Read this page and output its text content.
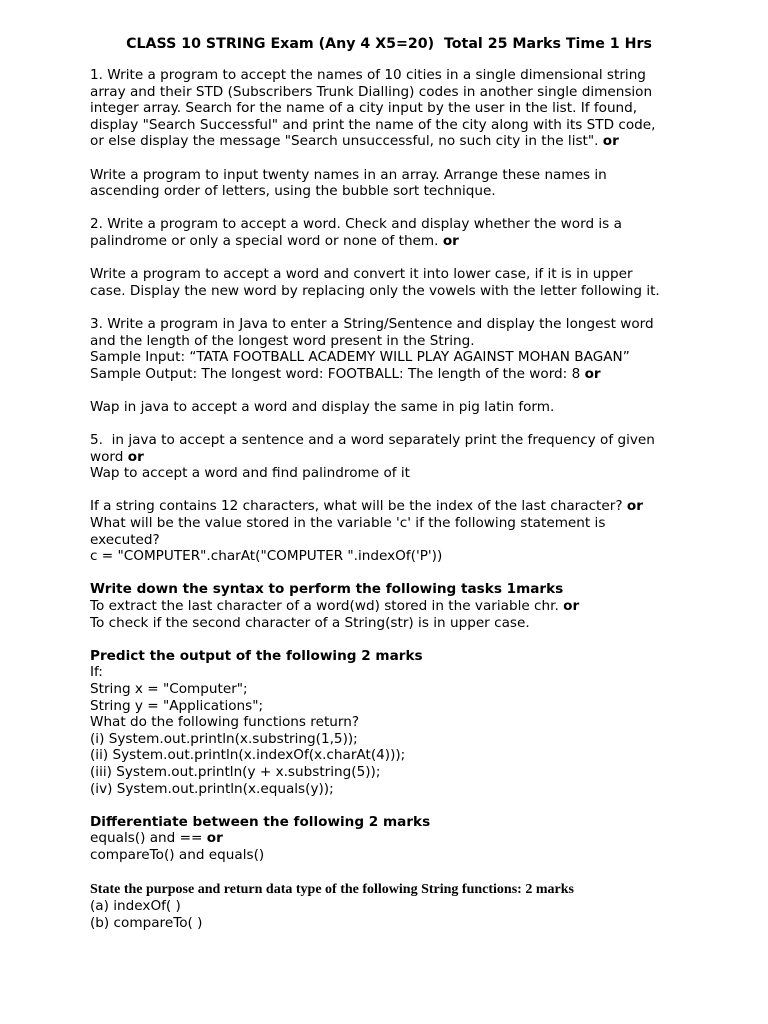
CLASS 10 STRING Exam (Any 4 X5=20)  Total 25 Marks Time 1 Hrs

1. Write a program to accept the names of 10 cities in a single dimensional string
array and their STD (Subscribers Trunk Dialling) codes in another single dimension
integer array. Search for the name of a city input by the user in the list. If found,
display "Search Successful" and print the name of the city along with its STD code,
or else display the message "Search unsuccessful, no such city in the list". or

Write a program to input twenty names in an array. Arrange these names in
ascending order of letters, using the bubble sort technique.

2. Write a program to accept a word. Check and display whether the word is a
palindrome or only a special word or none of them. or

Write a program to accept a word and convert it into lower case, if it is in upper
case. Display the new word by replacing only the vowels with the letter following it.

3. Write a program in Java to enter a String/Sentence and display the longest word
and the length of the longest word present in the String.
Sample Input: “TATA FOOTBALL ACADEMY WILL PLAY AGAINST MOHAN BAGAN”
Sample Output: The longest word: FOOTBALL: The length of the word: 8 or

Wap in java to accept a word and display the same in pig latin form.

5.  in java to accept a sentence and a word separately print the frequency of given
word or
Wap to accept a word and find palindrome of it

If a string contains 12 characters, what will be the index of the last character? or
What will be the value stored in the variable 'c' if the following statement is
executed?
c = "COMPUTER".charAt("COMPUTER ".indexOf('P'))

Write down the syntax to perform the following tasks 1marks
To extract the last character of a word(wd) stored in the variable chr. or
To check if the second character of a String(str) is in upper case.

Predict the output of the following 2 marks
If:
String x = "Computer";
String y = "Applications";
What do the following functions return?
(i) System.out.println(x.substring(1,5));
(ii) System.out.println(x.indexOf(x.charAt(4)));
(iii) System.out.println(y + x.substring(5));
(iv) System.out.println(x.equals(y));

Differentiate between the following 2 marks
equals() and == or
compareTo() and equals()

State the purpose and return data type of the following String functions: 2 marks
(a) indexOf( )
(b) compareTo( )
